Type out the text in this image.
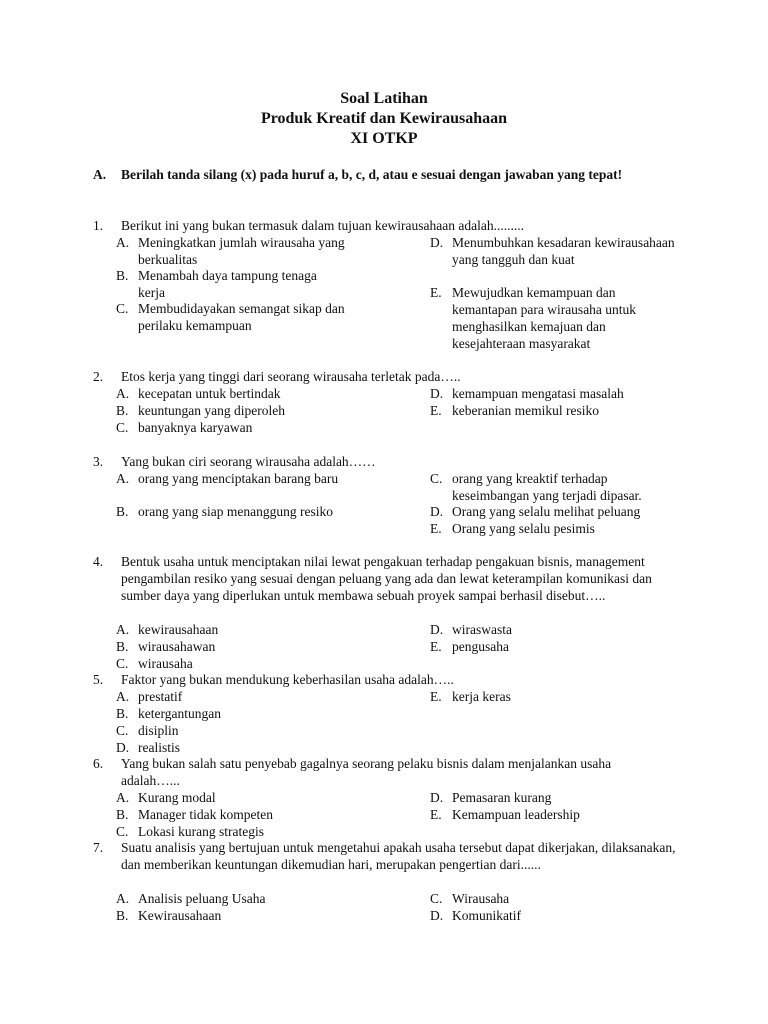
Soal Latihan
Produk Kreatif dan Kewirausahaan
XI OTKP
A. Berilah tanda silang (x) pada huruf a, b, c, d, atau e sesuai dengan jawaban yang tepat!
1. Berikut ini yang bukan termasuk dalam tujuan kewirausahaan adalah.........
A. Meningkatkan jumlah wirausaha yang berkualitas
B. Menambah daya tampung tenaga kerja
C. Membudidayakan semangat sikap dan perilaku kemampuan
D. Menumbuhkan kesadaran kewirausahaan yang tangguh dan kuat
E. Mewujudkan kemampuan dan kemantapan para wirausaha untuk menghasilkan kemajuan dan kesejahteraan masyarakat
2. Etos kerja yang tinggi dari seorang wirausaha terletak pada…..
A. kecepatan untuk bertindak
B. keuntungan yang diperoleh
C. banyaknya karyawan
D. kemampuan mengatasi masalah
E. keberanian memikul resiko
3. Yang bukan ciri seorang wirausaha adalah……
A. orang yang menciptakan barang baru
B. orang yang siap menanggung resiko
C. orang yang kreaktif terhadap keseimbangan yang terjadi dipasar.
D. Orang yang selalu melihat peluang
E. Orang yang selalu pesimis
4. Bentuk usaha untuk menciptakan nilai lewat pengakuan terhadap pengakuan bisnis, management pengambilan resiko yang sesuai dengan peluang yang ada dan lewat keterampilan komunikasi dan sumber daya yang diperlukan untuk membawa sebuah proyek sampai berhasil disebut…..
A. kewirausahaan
B. wirausahawan
C. wirausaha
D. wiraswasta
E. pengusaha
5. Faktor yang bukan mendukung keberhasilan usaha adalah…..
A. prestatif
B. ketergantungan
C. disiplin
D. realistis
E. kerja keras
6. Yang bukan salah satu penyebab gagalnya seorang pelaku bisnis dalam menjalankan usaha adalah…...
A. Kurang modal
B. Manager tidak kompeten
C. Lokasi kurang strategis
D. Pemasaran kurang
E. Kemampuan leadership
7. Suatu analisis yang bertujuan untuk mengetahui apakah usaha tersebut dapat dikerjakan, dilaksanakan, dan memberikan keuntungan dikemudian hari, merupakan pengertian dari......
A. Analisis peluang Usaha
B. Kewirausahaan
C. Wirausaha
D. Komunikatif
